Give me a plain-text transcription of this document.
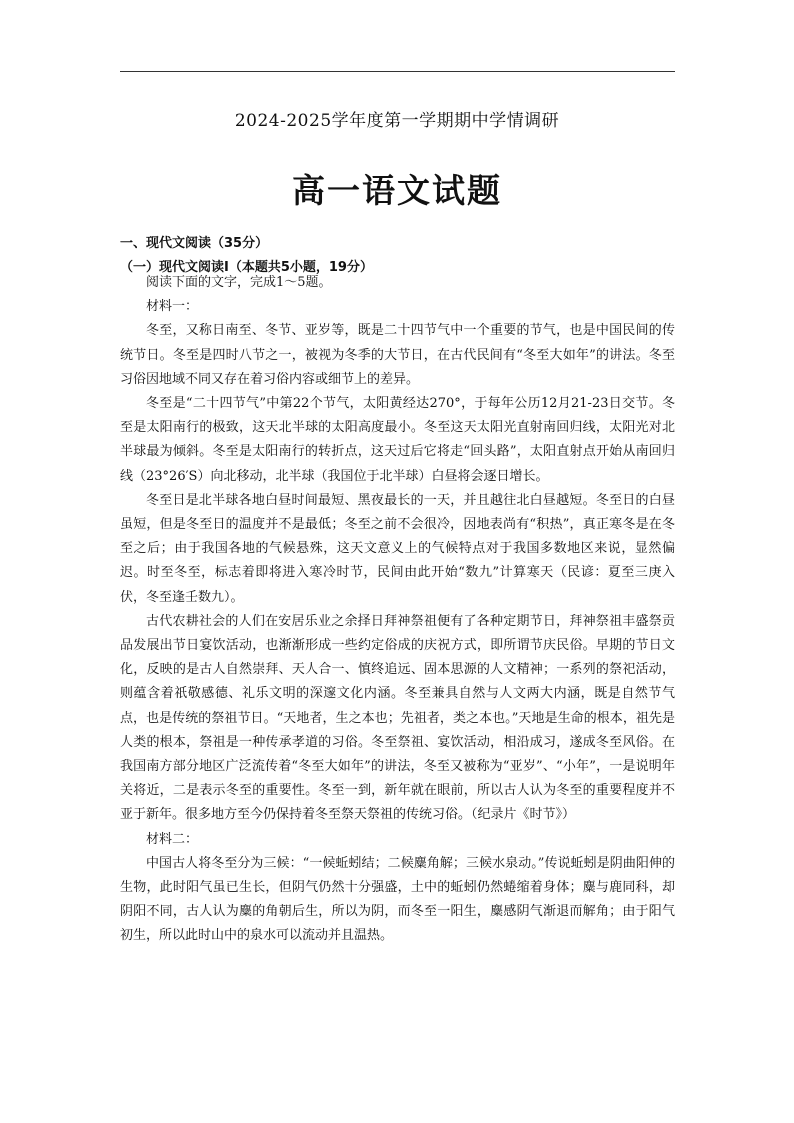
2024-2025学年度第一学期期中学情调研
高一语文试题
一、现代文阅读（35分）
（一）现代文阅读Ⅰ（本题共5小题，19分）

阅读下面的文字，完成1～5题。

材料一：

冬至，又称日南至、冬节、亚岁等，既是二十四节气中一个重要的节气，也是中国民间的传统节日。冬至是四时八节之一，被视为冬季的大节日，在古代民间有“冬至大如年”的讲法。冬至习俗因地域不同又存在着习俗内容或细节上的差异。

冬至是“二十四节气”中第22个节气，太阳黄经达270°，于每年公历12月21-23日交节。冬至是太阳南行的极致，这天北半球的太阳高度最小。冬至这天太阳光直射南回归线，太阳光对北半球最为倾斜。冬至是太阳南行的转折点，这天过后它将走“回头路”，太阳直射点开始从南回归线（23°26′S）向北移动，北半球（我国位于北半球）白昼将会逐日增长。

冬至日是北半球各地白昼时间最短、黑夜最长的一天，并且越往北白昼越短。冬至日的白昼虽短，但是冬至日的温度并不是最低；冬至之前不会很冷，因地表尚有“积热”，真正寒冬是在冬至之后；由于我国各地的气候悬殊，这天文意义上的气候特点对于我国多数地区来说，显然偏迟。时至冬至，标志着即将进入寒冷时节，民间由此开始“数九”计算寒天（民谚：夏至三庚入伏，冬至逢壬数九）。

古代农耕社会的人们在安居乐业之余择日拜神祭祖便有了各种定期节日，拜神祭祖丰盛祭贡品发展出节日宴饮活动，也渐渐形成一些约定俗成的庆祝方式，即所谓节庆民俗。早期的节日文化，反映的是古人自然崇拜、天人合一、慎终追远、固本思源的人文精神；一系列的祭祀活动，则蕴含着祇敬感德、礼乐文明的深邃文化内涵。冬至兼具自然与人文两大内涵，既是自然节气点，也是传统的祭祖节日。“天地者，生之本也；先祖者，类之本也。”天地是生命的根本，祖先是人类的根本，祭祖是一种传承孝道的习俗。冬至祭祖、宴饮活动，相沿成习，遂成冬至风俗。在我国南方部分地区广泛流传着“冬至大如年”的讲法，冬至又被称为“亚岁”、“小年”，一是说明年关将近，二是表示冬至的重要性。冬至一到，新年就在眼前，所以古人认为冬至的重要程度并不亚于新年。很多地方至今仍保持着冬至祭天祭祖的传统习俗。（纪录片《时节》）

材料二：

中国古人将冬至分为三候：“一候蚯蚓结；二候麋角解；三候水泉动。”传说蚯蚓是阴曲阳伸的生物，此时阳气虽已生长，但阴气仍然十分强盛，土中的蚯蚓仍然蜷缩着身体；麋与鹿同科，却阴阳不同，古人认为麋的角朝后生，所以为阴，而冬至一阳生，麋感阴气渐退而解角；由于阳气初生，所以此时山中的泉水可以流动并且温热。
